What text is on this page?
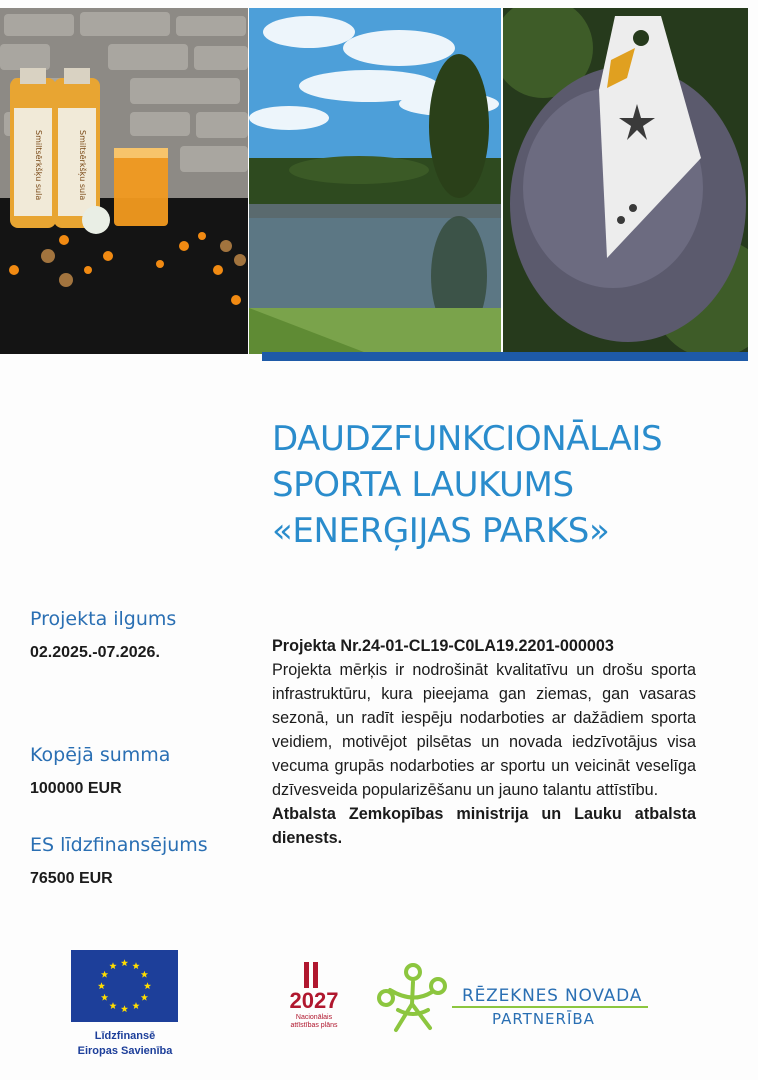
Smiltsērkšķu sula	Smiltsērkšķu sula
DAUDZFUNKCIONĀLAIS
SPORTA LAUKUMS
«ENERĢIJAS PARKS»
Projekta ilgums
02.2025.-07.2026.
Kopējā summa
100000 EUR
ES līdzfinansējums
76500 EUR
Projekta Nr.24-01-CL19-C0LA19.2201-000003
Projekta mērķis ir nodrošināt kvalitatīvu un drošu sporta infrastruktūru, kura pieejama gan ziemas, gan vasaras sezonā, un radīt iespēju nodarboties ar dažādiem sporta veidiem, motivējot pilsētas un novada iedzīvotājus visa vecuma grupās nodarboties ar sportu un veicināt veselīga dzīvesveida popularizēšanu un jauno talantu attīstību.
Atbalsta Zemkopības ministrija un Lauku atbalsta dienests.
Līdzfinansē
Eiropas Savienība
2027
Nacionālais
attīstības plāns
RĒZEKNES NOVADA
PARTNERĪBA
